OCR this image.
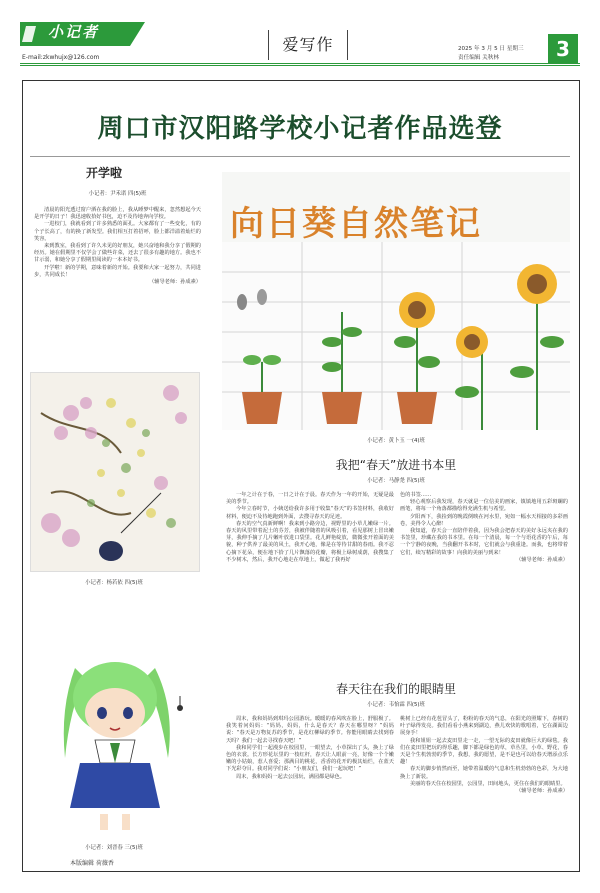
小记者
E-mail:zkwhujx@126.com
爱写作	2025 年 3 月 5 日 星期三
责任编辑 关秋林	3
周口市汉阳路学校小记者作品选登
开学啦
小记者：尹禾诺 四(5)班

清晨的阳光透过窗户洒在我的脸上，我从睡梦中醒来，忽然想起今天是开学的日子！我迅速收拾好书包，迫不及待地奔向学校。

一进校门，我就看到了许多熟悉的面孔。大家都有了一些变化，有的个子长高了，有的换了新发型。我们相互打着招呼，脸上都洋溢着灿烂的笑容。

来到教室，我看到了许久未见的好朋友，她兴奋地和我分享了假期的经历。她在假期里不仅学会了做些许菜，还去了很多有趣的地方。我也不甘示弱，和她分享了假期里阅读的一本本好书。

开学啦！新的学期，意味着新的开始。我要和大家一起努力，共同进步，共同成长！

（辅导老师：孙成素）
小记者：杨若依 四(5)班
小记者：刘晋春 三(5)班
本版编辑 荷薇香
向日葵自然笔记
小记者：黄卜玉 一(4)班
我把“春天”放进书本里
小记者：马静尧 四(5)班

一年之计在于春，一日之计在于晨。春天作为一年的开始，无疑是最美的季节。

今年立春时节，小姨送给我许多用于收集“春天”的书签材料，我收好材料，便迫不及待地跑到外面，去搜寻春天的足迹。

春天的空气真新鲜啊！我来到小路旁边，视野里的小草儿嫩绿一片。春天的风里带着泥土的芬芳，我被伴随着的风吸引着，看见那树上冒出嫩芽，我伸手摘了几片嫩叶放进口袋里。花儿鲜艳绽放，微微张开着面的美貌，种子供养了最美的风土，我开心地，像是在等待甘甜的春雨。我不忍心摘下花朵，便在地下拾了几片飘落的花瓣，将极上绿树成荫，我搜集了不少树木，然后，我开心地走在草地上，做起了我再好

色的书签……

轻心观察后我发现，春天就是一位信美的画家，镇镇地用五彩斑斓的画笔，将每一个角落都描绘得充满生机与希望。

夕阳西下，我捡到的晚霞倒映在河水里，宛如一幅水天相接的多彩画卷，美得令人心醉！

我知道，春天会一直陪伴着我，因为我会把春天的美好永远夹在我的书签里，珍藏在我的书本里。在每一个清晨，每一个与语花香的午后，每一个宁静的夜晚，当我翻开书本时，它们就会与我重逢。而我，也将带着它们，续写精彩的故事！向我的美丽与到来！

（辅导老师：孙成素）
春天往在我们的眼睛里
小记者：韦怡霖 四(5)班

周末，我和妈妈到琪玛公园游玩。暖暖的春风吹在脸上，舒服极了。我笑着问妈妈：“妈妈，妈妈，什么是春天？春天在哪里呀？”妈妈说：“春天是万物复苏的季节，是花红柳绿的季节。你能用眼睛去找到春天吗？我们一起去寻找春天吧！”

我和同学们一起漫步在校园里，一眼望去，小草探出了头，换上了绿色的衣裳。长方形花坛里的一枝红杆，春天让人眼前一亮，好像一个个嫩嫩的小姑娘，惹人喜爱；那满目的桃花，香香的花开的极其灿烂，在蓝天下光彩夺目。我对同学们说：“小朋友们，我们一起玩吧！”

周末，我和妈妈一起去公园玩，满园都是绿色。

桃树上已经有花苞冒头了，粉粉的春天的气息，在阳光的照耀下，春树的叶子绿得发亮。我们看看小燕来到湖边，燕儿欢快的歌唱着，它在湖面边展身手！

我和姐姐一起去麦田里走一走，一望无际的麦田就像巨大的绿毯。我们在麦田里把玩的得乐趣，脚下都是绿色的草，草丛里，小草、野花，春天是个生机勃勃的季节，我想，我的愿望，是不是也可以给春天增添点乐趣！

春天的脚步悄然而至，她带着温暖的气息和生机勃勃的色彩，为大地换上了新装。

美丽的春天住在校园里，公园里，田间地头，更住在我们的眼睛里。

（辅导老师：孙成素）
